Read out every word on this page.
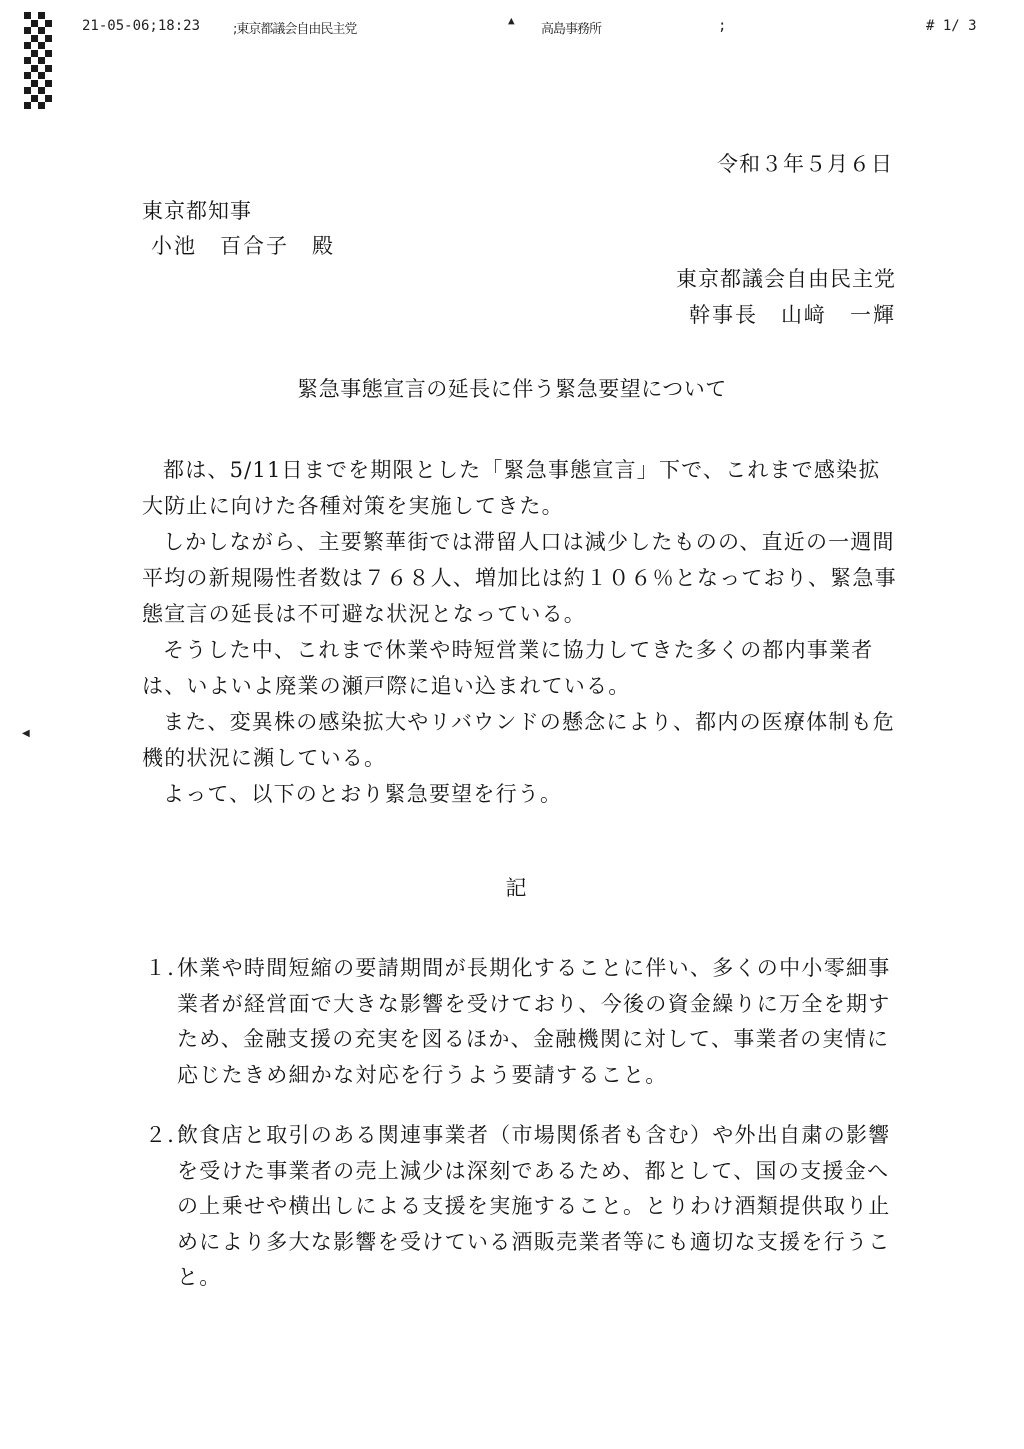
21-05-06;18:23	;東京都議会自由民主党
▲
高島事務所	;	# 1/ 3
◀
令和３年５月６日
東京都知事
小池　百合子　殿
東京都議会自由民主党
幹事長　山﨑　一輝
緊急事態宣言の延長に伴う緊急要望について

都は、5/11日までを期限とした「緊急事態宣言」下で、これまで感染拡大防止に向けた各種対策を実施してきた。

しかしながら、主要繁華街では滞留人口は減少したものの、直近の一週間平均の新規陽性者数は７６８人、増加比は約１０６％となっており、緊急事態宣言の延長は不可避な状況となっている。

そうした中、これまで休業や時短営業に協力してきた多くの都内事業者は、いよいよ廃業の瀬戸際に追い込まれている。

また、変異株の感染拡大やリバウンドの懸念により、都内の医療体制も危機的状況に瀕している。

よって、以下のとおり緊急要望を行う。

記
１．
休業や時間短縮の要請期間が長期化することに伴い、多くの中小零細事業者が経営面で大きな影響を受けており、今後の資金繰りに万全を期すため、金融支援の充実を図るほか、金融機関に対して、事業者の実情に応じたきめ細かな対応を行うよう要請すること。
２．
飲食店と取引のある関連事業者（市場関係者も含む）や外出自粛の影響を受けた事業者の売上減少は深刻であるため、都として、国の支援金への上乗せや横出しによる支援を実施すること。とりわけ酒類提供取り止めにより多大な影響を受けている酒販売業者等にも適切な支援を行うこと。
